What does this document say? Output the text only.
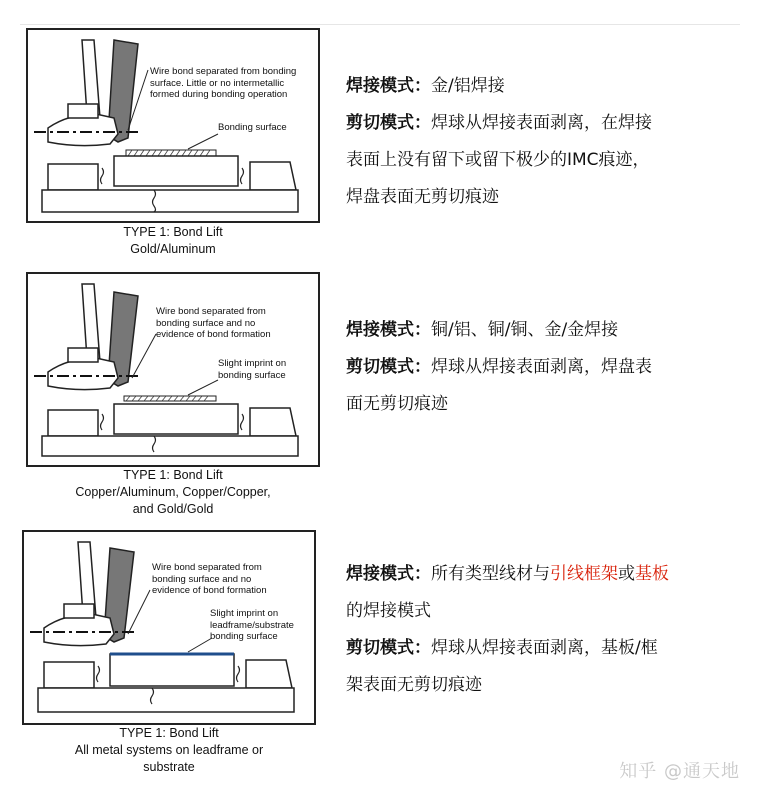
Wire bond separated from bonding
surface. Little or no intermetallic
formed during bonding operation
Bonding surface
TYPE 1: Bond Lift
Gold/Aluminum
焊接模式：金/铝焊接
剪切模式：焊球从焊接表面剥离，在焊接
表面上没有留下或留下极少的IMC痕迹，
焊盘表面无剪切痕迹
Wire bond separated from
bonding surface and no
evidence of bond formation
Slight imprint on
bonding surface
TYPE 1: Bond Lift
Copper/Aluminum, Copper/Copper,
and Gold/Gold
焊接模式：铜/铝、铜/铜、金/金焊接
剪切模式：焊球从焊接表面剥离，焊盘表
面无剪切痕迹
Wire bond separated from
bonding surface and no
evidence of bond formation
Slight imprint on
leadframe/substrate
bonding surface
TYPE 1: Bond Lift
All metal systems on leadframe or
substrate
焊接模式：所有类型线材与引线框架或基板
的焊接模式
剪切模式：焊球从焊接表面剥离，基板/框
架表面无剪切痕迹
知乎 @通天地
